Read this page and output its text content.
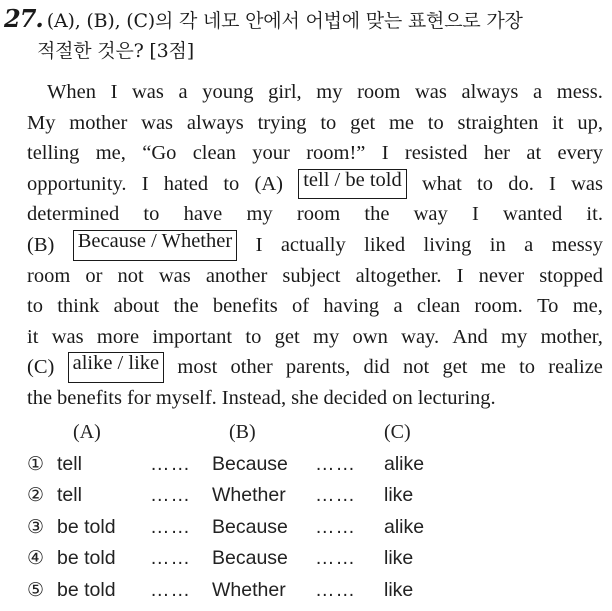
27. (A), (B), (C)의 각 네모 안에서 어법에 맞는 표현으로 가장
적절한 것은? [3점]
When I was a young girl, my room was always a mess.
My mother was always trying to get me to straighten it up,
telling me, “Go clean your room!” I resisted her at every
opportunity. I hated to (A) tell / be told what to do. I was
determined to have my room the way I wanted it.
(B) Because / Whether I actually liked living in a messy
room or not was another subject altogether. I never stopped
to think about the benefits of having a clean room. To me,
it was more important to get my own way. And my mother,
(C) alike / like most other parents, did not get me to realize
the benefits for myself. Instead, she decided on lecturing.
(A)	(B)	(C)
① tell	…… Because …… alike
② tell	…… Whether …… like
③ be told …… Because …… alike
④ be told …… Because …… like
⑤ be told …… Whether …… like
